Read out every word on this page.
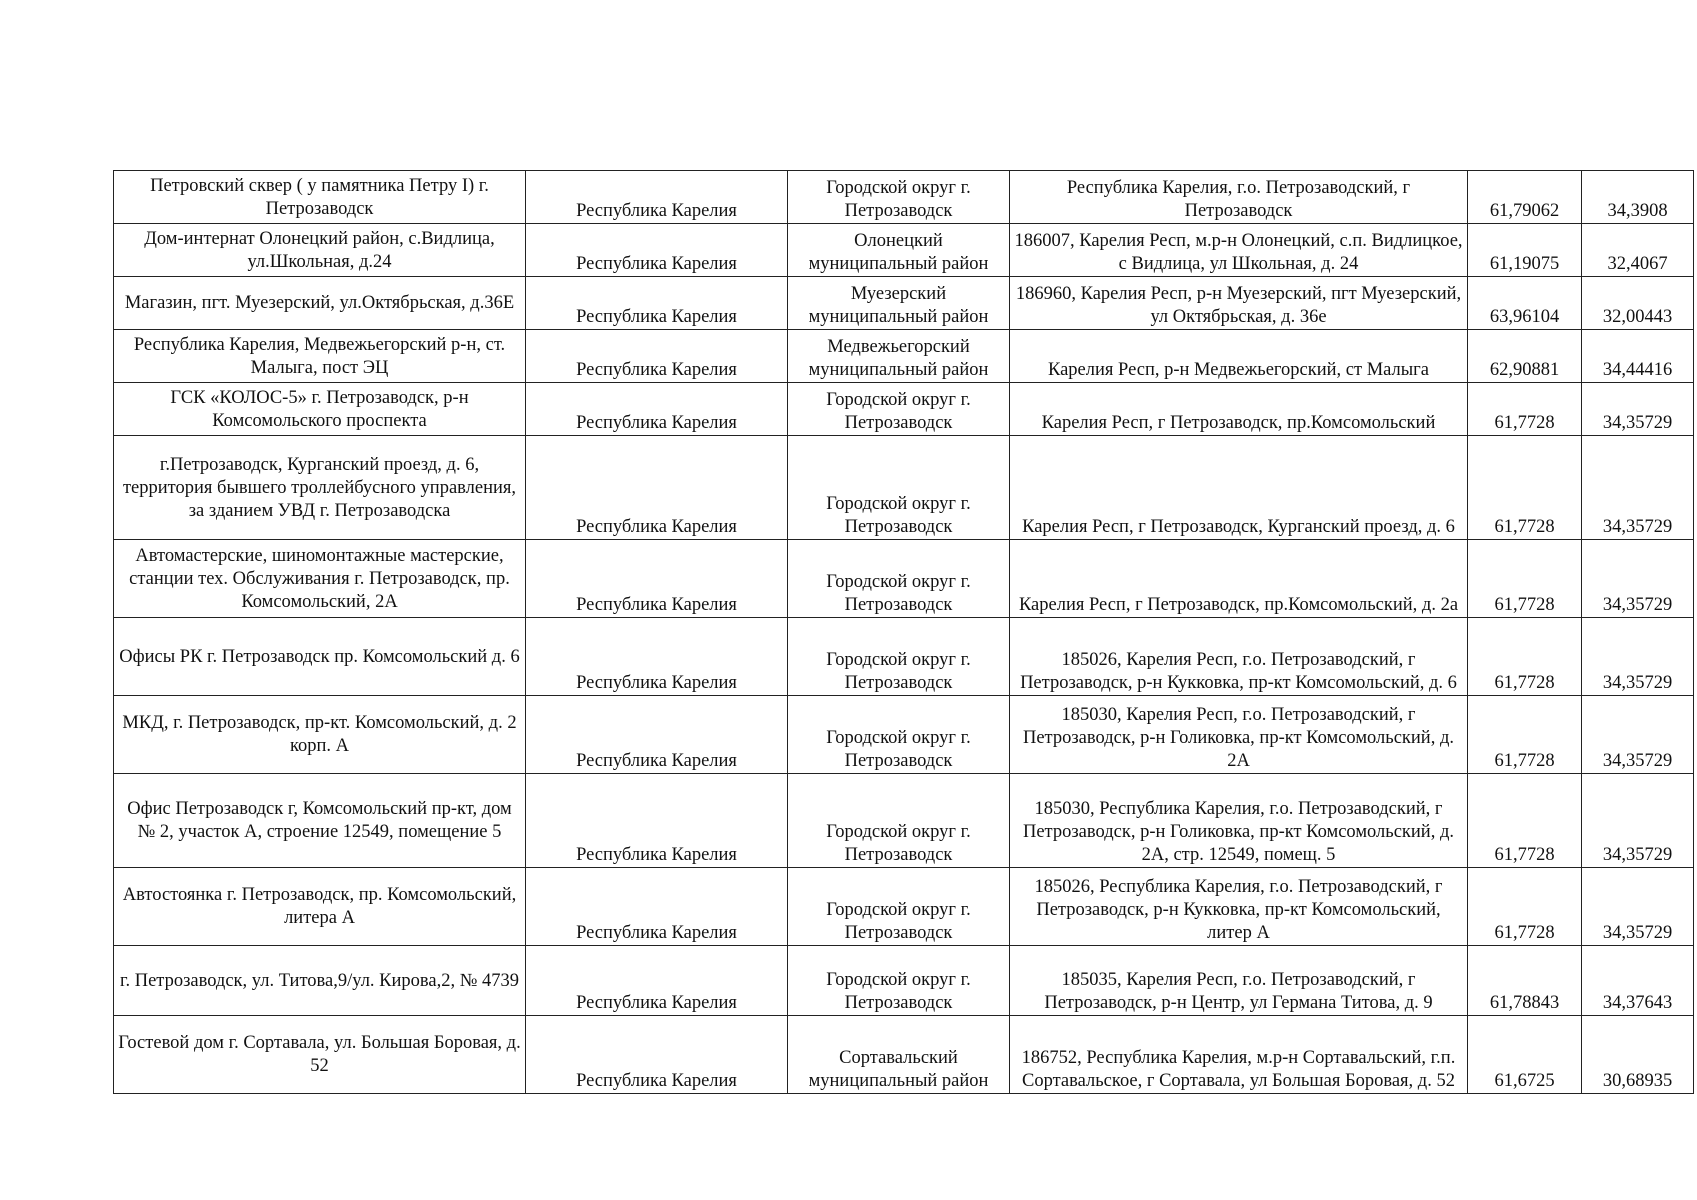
Петровский сквер ( у памятника Петру I) г. Петрозаводск	Республика Карелия	Городской округ г. Петрозаводск	Республика Карелия, г.о. Петрозаводский, г Петрозаводск	61,79062	34,3908
Дом-интернат Олонецкий район, с.Видлица, ул.Школьная, д.24	Республика Карелия	Олонецкий муниципальный район	186007, Карелия Респ, м.р-н Олонецкий, с.п. Видлицкое, с Видлица, ул Школьная, д. 24	61,19075	32,4067
Магазин, пгт. Муезерский, ул.Октябрьская, д.36Е	Республика Карелия	Муезерский муниципальный район	186960, Карелия Респ, р-н Муезерский, пгт Муезерский, ул Октябрьская, д. 36е	63,96104	32,00443
Республика Карелия, Медвежьегорский р-н, ст. Малыга, пост ЭЦ	Республика Карелия	Медвежьегорский муниципальный район	Карелия Респ, р-н Медвежьегорский, ст Малыга	62,90881	34,44416
ГСК «КОЛОС-5» г. Петрозаводск, р-н Комсомольского проспекта	Республика Карелия	Городской округ г. Петрозаводск	Карелия Респ, г Петрозаводск, пр.Комсомольский	61,7728	34,35729
г.Петрозаводск, Курганский проезд, д. 6, территория бывшего троллейбусного управления, за зданием УВД г. Петрозаводска	Республика Карелия	Городской округ г. Петрозаводск	Карелия Респ, г Петрозаводск, Курганский проезд, д. 6	61,7728	34,35729
Автомастерские, шиномонтажные мастерские, станции тех. Обслуживания г. Петрозаводск, пр. Комсомольский, 2А	Республика Карелия	Городской округ г. Петрозаводск	Карелия Респ, г Петрозаводск, пр.Комсомольский, д. 2а	61,7728	34,35729
Офисы РК г. Петрозаводск пр. Комсомольский д. 6	Республика Карелия	Городской округ г. Петрозаводск	185026, Карелия Респ, г.о. Петрозаводский, г Петрозаводск, р-н Кукковка, пр-кт Комсомольский, д. 6	61,7728	34,35729
МКД, г. Петрозаводск, пр-кт. Комсомольский, д. 2 корп. А	Республика Карелия	Городской округ г. Петрозаводск	185030, Карелия Респ, г.о. Петрозаводский, г Петрозаводск, р-н Голиковка, пр-кт Комсомольский, д. 2А	61,7728	34,35729
Офис Петрозаводск г, Комсомольский пр-кт, дом № 2, участок А, строение 12549, помещение 5	Республика Карелия	Городской округ г. Петрозаводск	185030, Республика Карелия, г.о. Петрозаводский, г Петрозаводск, р-н Голиковка, пр-кт Комсомольский, д. 2А, стр. 12549, помещ. 5	61,7728	34,35729
Автостоянка г. Петрозаводск, пр. Комсомольский, литера А	Республика Карелия	Городской округ г. Петрозаводск	185026, Республика Карелия, г.о. Петрозаводский, г Петрозаводск, р-н Кукковка, пр-кт Комсомольский, литер А	61,7728	34,35729
г. Петрозаводск, ул. Титова,9/ул. Кирова,2, № 4739	Республика Карелия	Городской округ г. Петрозаводск	185035, Карелия Респ, г.о. Петрозаводский, г Петрозаводск, р-н Центр, ул Германа Титова, д. 9	61,78843	34,37643
Гостевой дом г. Сортавала, ул. Большая Боровая, д. 52	Республика Карелия	Сортавальский муниципальный район	186752, Республика Карелия, м.р-н Сортавальский, г.п. Сортавальское, г Сортавала, ул Большая Боровая, д. 52	61,6725	30,68935
